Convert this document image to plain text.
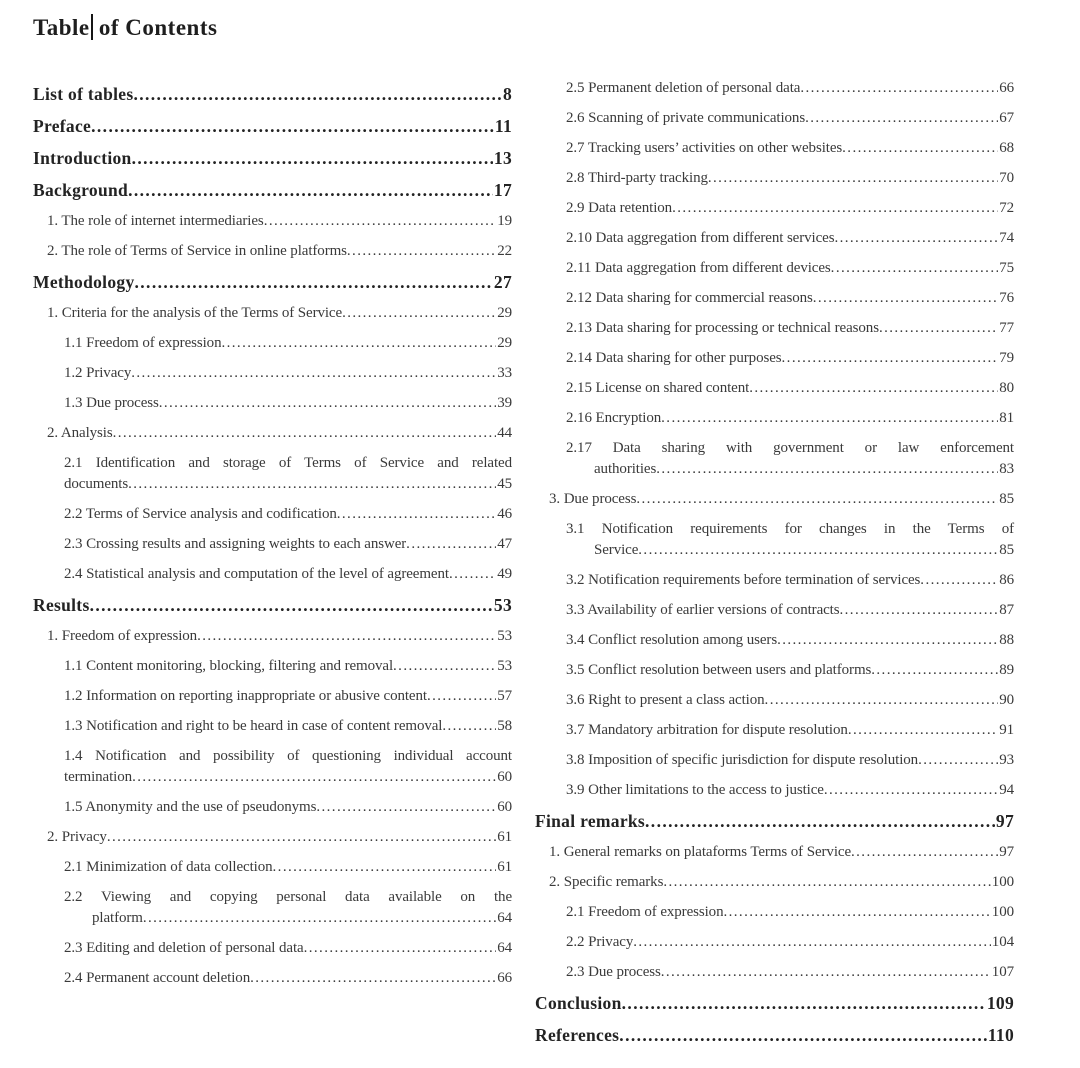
Table of Contents
List of tables .....	8
Preface .....	11
Introduction .....	13
Background .....	17
1. The role of internet intermediaries .....	19
2. The role of Terms of Service in online platforms .....	22
Methodology .....	27
1. Criteria for the analysis of the Terms of Service .....	29
1.1 Freedom of expression .....	29
1.2 Privacy .....	33
1.3 Due process .....	39
2. Analysis .....	44
2.1 Identification and storage of Terms of Service and related
documents .....	45
2.2 Terms of Service analysis and codification .....	46
2.3 Crossing results and assigning weights to each answer .....	47
2.4 Statistical analysis and computation of the level of agreement .....	49
Results .....	53
1. Freedom of expression .....	53
1.1 Content monitoring, blocking, filtering and removal .....	53
1.2 Information on reporting inappropriate or abusive content .....	57
1.3 Notification and right to be heard in case of content removal .....	58
1.4 Notification and possibility of questioning individual account
termination .....	60
1.5 Anonymity and the use of pseudonyms .....	60
2. Privacy .....	61
2.1 Minimization of data collection .....	61
2.2 Viewing and copying personal data available on the
platform .....	64
2.3 Editing and deletion of personal data .....	64
2.4 Permanent account deletion .....	66
2.5 Permanent deletion of personal data .....	66
2.6 Scanning of private communications .....	67
2.7 Tracking users’ activities on other websites .....	68
2.8 Third-party tracking .....	70
2.9 Data retention .....	72
2.10 Data aggregation from different services .....	74
2.11 Data aggregation from different devices .....	75
2.12 Data sharing for commercial reasons .....	76
2.13 Data sharing for processing or technical reasons .....	77
2.14 Data sharing for other purposes .....	79
2.15 License on shared content .....	80
2.16 Encryption .....	81
2.17 Data sharing with government or law enforcement
authorities .....	83
3. Due process .....	85
3.1 Notification requirements for changes in the Terms of
Service .....	85
3.2 Notification requirements before termination of services .....	86
3.3 Availability of earlier versions of contracts .....	87
3.4 Conflict resolution among users .....	88
3.5 Conflict resolution between users and platforms .....	89
3.6 Right to present a class action .....	90
3.7 Mandatory arbitration for dispute resolution .....	91
3.8 Imposition of specific jurisdiction for dispute resolution .....	93
3.9 Other limitations to the access to justice .....	94
Final remarks .....	97
1. General remarks on plataforms Terms of Service .....	97
2. Specific remarks .....	100
2.1 Freedom of expression .....	100
2.2 Privacy .....	104
2.3 Due process .....	107
Conclusion .....	109
References .....	110
